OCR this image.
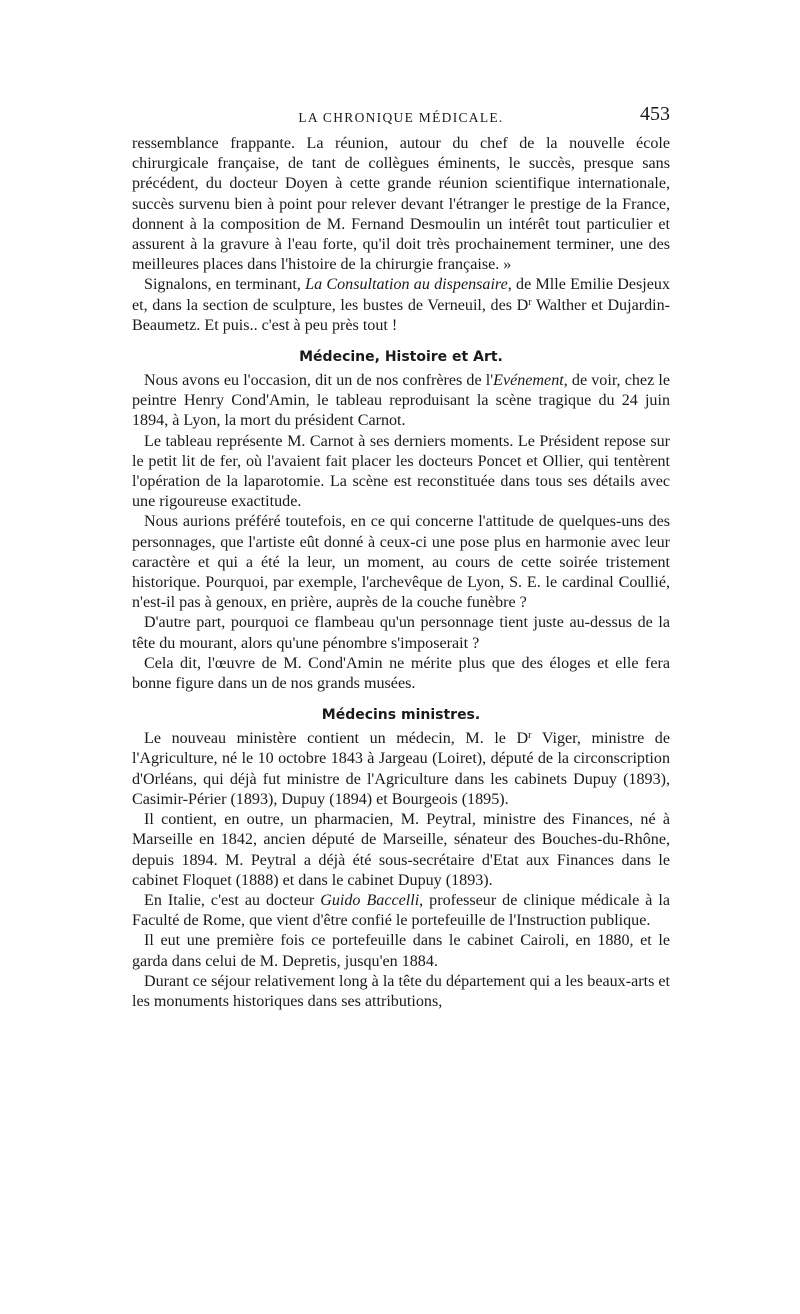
LA CHRONIQUE MÉDICALE.	453

ressemblance frappante. La réunion, autour du chef de la nouvelle école chirurgicale française, de tant de collègues éminents, le succès, presque sans précédent, du docteur Doyen à cette grande réunion scientifique internationale, succès survenu bien à point pour relever devant l'étranger le prestige de la France, donnent à la composition de M. Fernand Desmoulin un intérêt tout particulier et assurent à la gravure à l'eau forte, qu'il doit très prochainement terminer, une des meilleures places dans l'histoire de la chirurgie française. »

Signalons, en terminant, La Consultation au dispensaire, de Mlle Emilie Desjeux et, dans la section de sculpture, les bustes de Verneuil, des $D^r$ Walther et Dujardin-Beaumetz. Et puis.. c'est à peu près tout !

Médecine, Histoire et Art.

Nous avons eu l'occasion, dit un de nos confrères de l'Evénement, de voir, chez le peintre Henry Cond'Amin, le tableau reproduisant la scène tragique du 24 juin 1894, à Lyon, la mort du président Carnot.

Le tableau représente M. Carnot à ses derniers moments. Le Président repose sur le petit lit de fer, où l'avaient fait placer les docteurs Poncet et Ollier, qui tentèrent l'opération de la laparotomie. La scène est reconstituée dans tous ses détails avec une rigoureuse exactitude.

Nous aurions préféré toutefois, en ce qui concerne l'attitude de quelques-uns des personnages, que l'artiste eût donné à ceux-ci une pose plus en harmonie avec leur caractère et qui a été la leur, un moment, au cours de cette soirée tristement historique. Pourquoi, par exemple, l'archevêque de Lyon, S. E. le cardinal Coullié, n'est-il pas à genoux, en prière, auprès de la couche funèbre ?

D'autre part, pourquoi ce flambeau qu'un personnage tient juste au-dessus de la tête du mourant, alors qu'une pénombre s'imposerait ?

Cela dit, l'œuvre de M. Cond'Amin ne mérite plus que des éloges et elle fera bonne figure dans un de nos grands musées.

Médecins ministres.

Le nouveau ministère contient un médecin, M. le $D^r$ Viger, ministre de l'Agriculture, né le 10 octobre 1843 à Jargeau (Loiret), député de la circonscription d'Orléans, qui déjà fut ministre de l'Agriculture dans les cabinets Dupuy (1893), Casimir-Périer (1893), Dupuy (1894) et Bourgeois (1895).

Il contient, en outre, un pharmacien, M. Peytral, ministre des Finances, né à Marseille en 1842, ancien député de Marseille, sénateur des Bouches-du-Rhône, depuis 1894. M. Peytral a déjà été sous-secrétaire d'Etat aux Finances dans le cabinet Floquet (1888) et dans le cabinet Dupuy (1893).

En Italie, c'est au docteur Guido Baccelli, professeur de clinique médicale à la Faculté de Rome, que vient d'être confié le portefeuille de l'Instruction publique.

Il eut une première fois ce portefeuille dans le cabinet Cairoli, en 1880, et le garda dans celui de M. Depretis, jusqu'en 1884.

Durant ce séjour relativement long à la tête du département qui a les beaux-arts et les monuments historiques dans ses attributions,
